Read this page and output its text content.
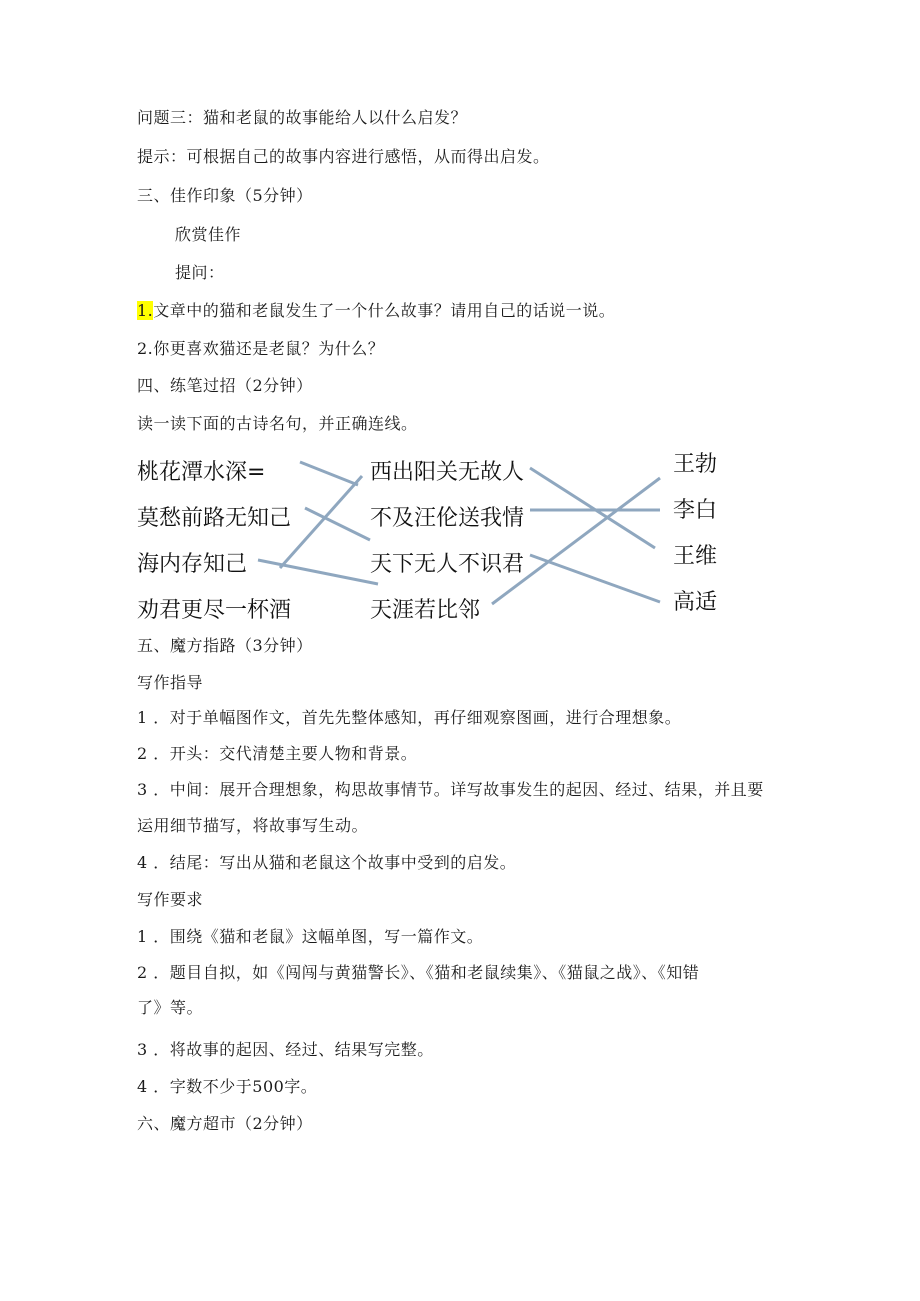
问题三：猫和老鼠的故事能给人以什么启发？
提示：可根据自己的故事内容进行感悟，从而得出启发。
三、佳作印象（5分钟）
欣赏佳作
提问：
1.文章中的猫和老鼠发生了一个什么故事？请用自己的话说一说。
2.你更喜欢猫还是老鼠？为什么？
四、练笔过招（2分钟）
读一读下面的古诗名句，并正确连线。
桃花潭水深=
莫愁前路无知己
海内存知己
劝君更尽一杯酒
西出阳关无故人
不及汪伦送我情
天下无人不识君
天涯若比邻
王勃
李白
王维
高适
五、魔方指路（3分钟）
写作指导
1 ．对于单幅图作文，首先先整体感知，再仔细观察图画，进行合理想象。
2 ．开头：交代清楚主要人物和背景。
3 ．中间：展开合理想象，构思故事情节。详写故事发生的起因、经过、结果，并且要
运用细节描写，将故事写生动。
4 ．结尾：写出从猫和老鼠这个故事中受到的启发。
写作要求
1 ．围绕《猫和老鼠》这幅单图，写一篇作文。
2 ．题目自拟，如《闯闯与黄猫警长》、《猫和老鼠续集》、《猫鼠之战》、《知错
了》等。
3 ．将故事的起因、经过、结果写完整。
4 ．字数不少于500字。
六、魔方超市（2分钟）
